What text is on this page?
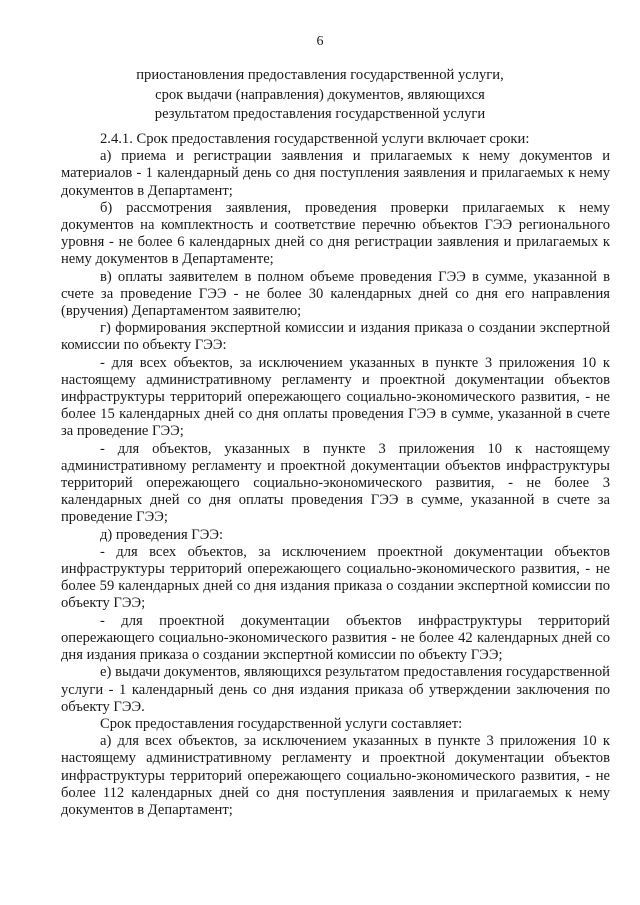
6
приостановления предоставления государственной услуги,
срок выдачи (направления) документов, являющихся
результатом предоставления государственной услуги

2.4.1. Срок предоставления государственной услуги включает сроки:

а) приема и регистрации заявления и прилагаемых к нему документов и материалов - 1 календарный день со дня поступления заявления и прилагаемых к нему документов в Департамент;

б) рассмотрения заявления, проведения проверки прилагаемых к нему документов на комплектность и соответствие перечню объектов ГЭЭ регионального уровня - не более 6 календарных дней со дня регистрации заявления и прилагаемых к нему документов в Департаменте;

в) оплаты заявителем в полном объеме проведения ГЭЭ в сумме, указанной в счете за проведение ГЭЭ - не более 30 календарных дней со дня его направления (вручения) Департаментом заявителю;

г) формирования экспертной комиссии и издания приказа о создании экспертной комиссии по объекту ГЭЭ:

- для всех объектов, за исключением указанных в пункте 3 приложения 10 к настоящему административному регламенту и проектной документации объектов инфраструктуры территорий опережающего социально-экономического развития, - не более 15 календарных дней со дня оплаты проведения ГЭЭ в сумме, указанной в счете за проведение ГЭЭ;

- для объектов, указанных в пункте 3 приложения 10 к настоящему административному регламенту и проектной документации объектов инфраструктуры территорий опережающего социально-экономического развития, - не более 3 календарных дней со дня оплаты проведения ГЭЭ в сумме, указанной в счете за проведение ГЭЭ;

д) проведения ГЭЭ:

- для всех объектов, за исключением проектной документации объектов инфраструктуры территорий опережающего социально-экономического развития, - не более 59 календарных дней со дня издания приказа о создании экспертной комиссии по объекту ГЭЭ;

- для проектной документации объектов инфраструктуры территорий опережающего социально-экономического развития - не более 42 календарных дней со дня издания приказа о создании экспертной комиссии по объекту ГЭЭ;

е) выдачи документов, являющихся результатом предоставления государственной услуги - 1 календарный день со дня издания приказа об утверждении заключения по объекту ГЭЭ.

Срок предоставления государственной услуги составляет:

а) для всех объектов, за исключением указанных в пункте 3 приложения 10 к настоящему административному регламенту и проектной документации объектов инфраструктуры территорий опережающего социально-экономического развития, - не более 112 календарных дней со дня поступления заявления и прилагаемых к нему документов в Департамент;
